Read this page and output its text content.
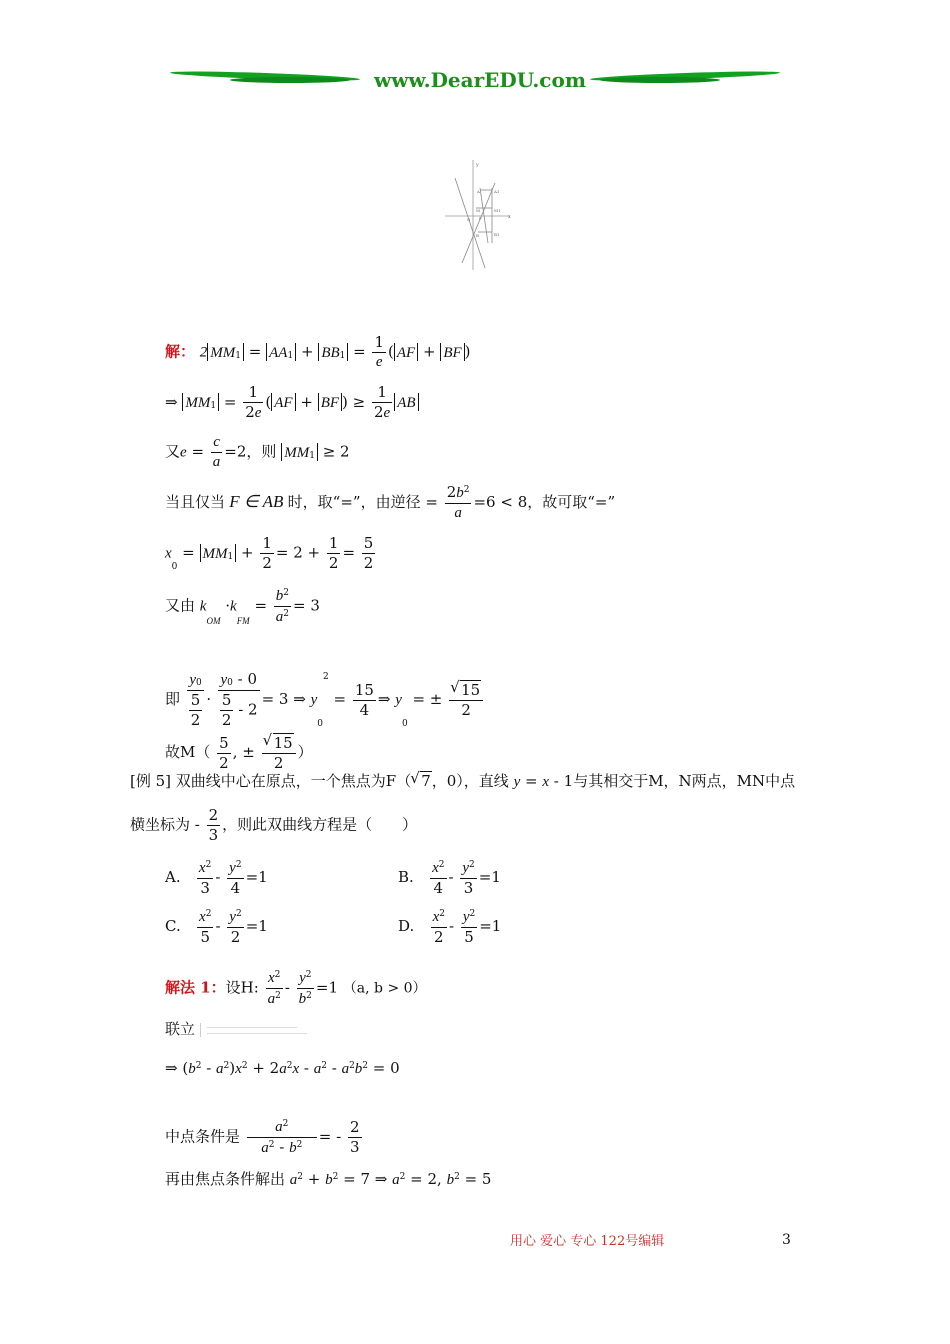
www.DearEDU.com
y
x
A	A1
M	M1
F
O
B	B1
解： 2 $MM_1 = AA_1 + BB_1 = \frac{1}{e}$ ( AF + BF )
⇒ $MM_1 = \frac{1}{2e}$ ( AF + BF ) ≥ $\frac{1}{2e}$ AB
又$e = \frac{c}{a} =2$，则 $MM_1 \ge 2$
当且仅当 F ∈ AB 时，取“=”，由逆径 = $\frac{2b^2}{a} =6 < 8$，故可取“=”
$x_0 = MM_1 + \frac{1}{2} = 2 + \frac{1}{2} = \frac{5}{2}$
又由 $k_{OM} \cdot k_{FM} = \frac{b^2}{a^2} = 3$
即 $\frac{y_0}{\frac{5}{2}} \cdot \frac{y_0 - 0}{\frac{5}{2} - 2} = 3$ ⇒ $y_0^2 = \frac{15}{4}$ ⇒ $y_0$ = ± √ $\frac{15}{2}$
故$M( \frac{5}{2}$ , ± √ $\frac{15}{2}$ ）
[例 5] 双曲线中心在原点，一个焦点为F（ √ 7，0），直线 y = x - 1与其相交于M，N两点，MN中点
横坐标为 - $\frac{2}{3}$ ，则此双曲线方程是（　　）
A. $\frac{x^2}{3} - \frac{y^2}{4} =1$	B. $\frac{x^2}{4} - \frac{y^2}{3} =1$
C. $\frac{x^2}{5} - \frac{y^2}{2} =1$	D. $\frac{x^2}{2} - \frac{y^2}{5} =1$
解法 1：设H: $\frac{x^2}{a^2} - \frac{y^2}{b^2} =1$ （a, b > 0）
联立
⇒ $(b^2 - a^2)x^2 + 2a^2x - a^2 - a^2b^2 = 0$
中点条件是 $\frac{a^2}{a^2 - b^2}$ = - $\frac{2}{3}$
再由焦点条件解出 $a^2 + b^2 = 7$ ⇒ $a^2 = 2$, $b^2 = 5$
用心 爱心 专心 122号编辑	3
